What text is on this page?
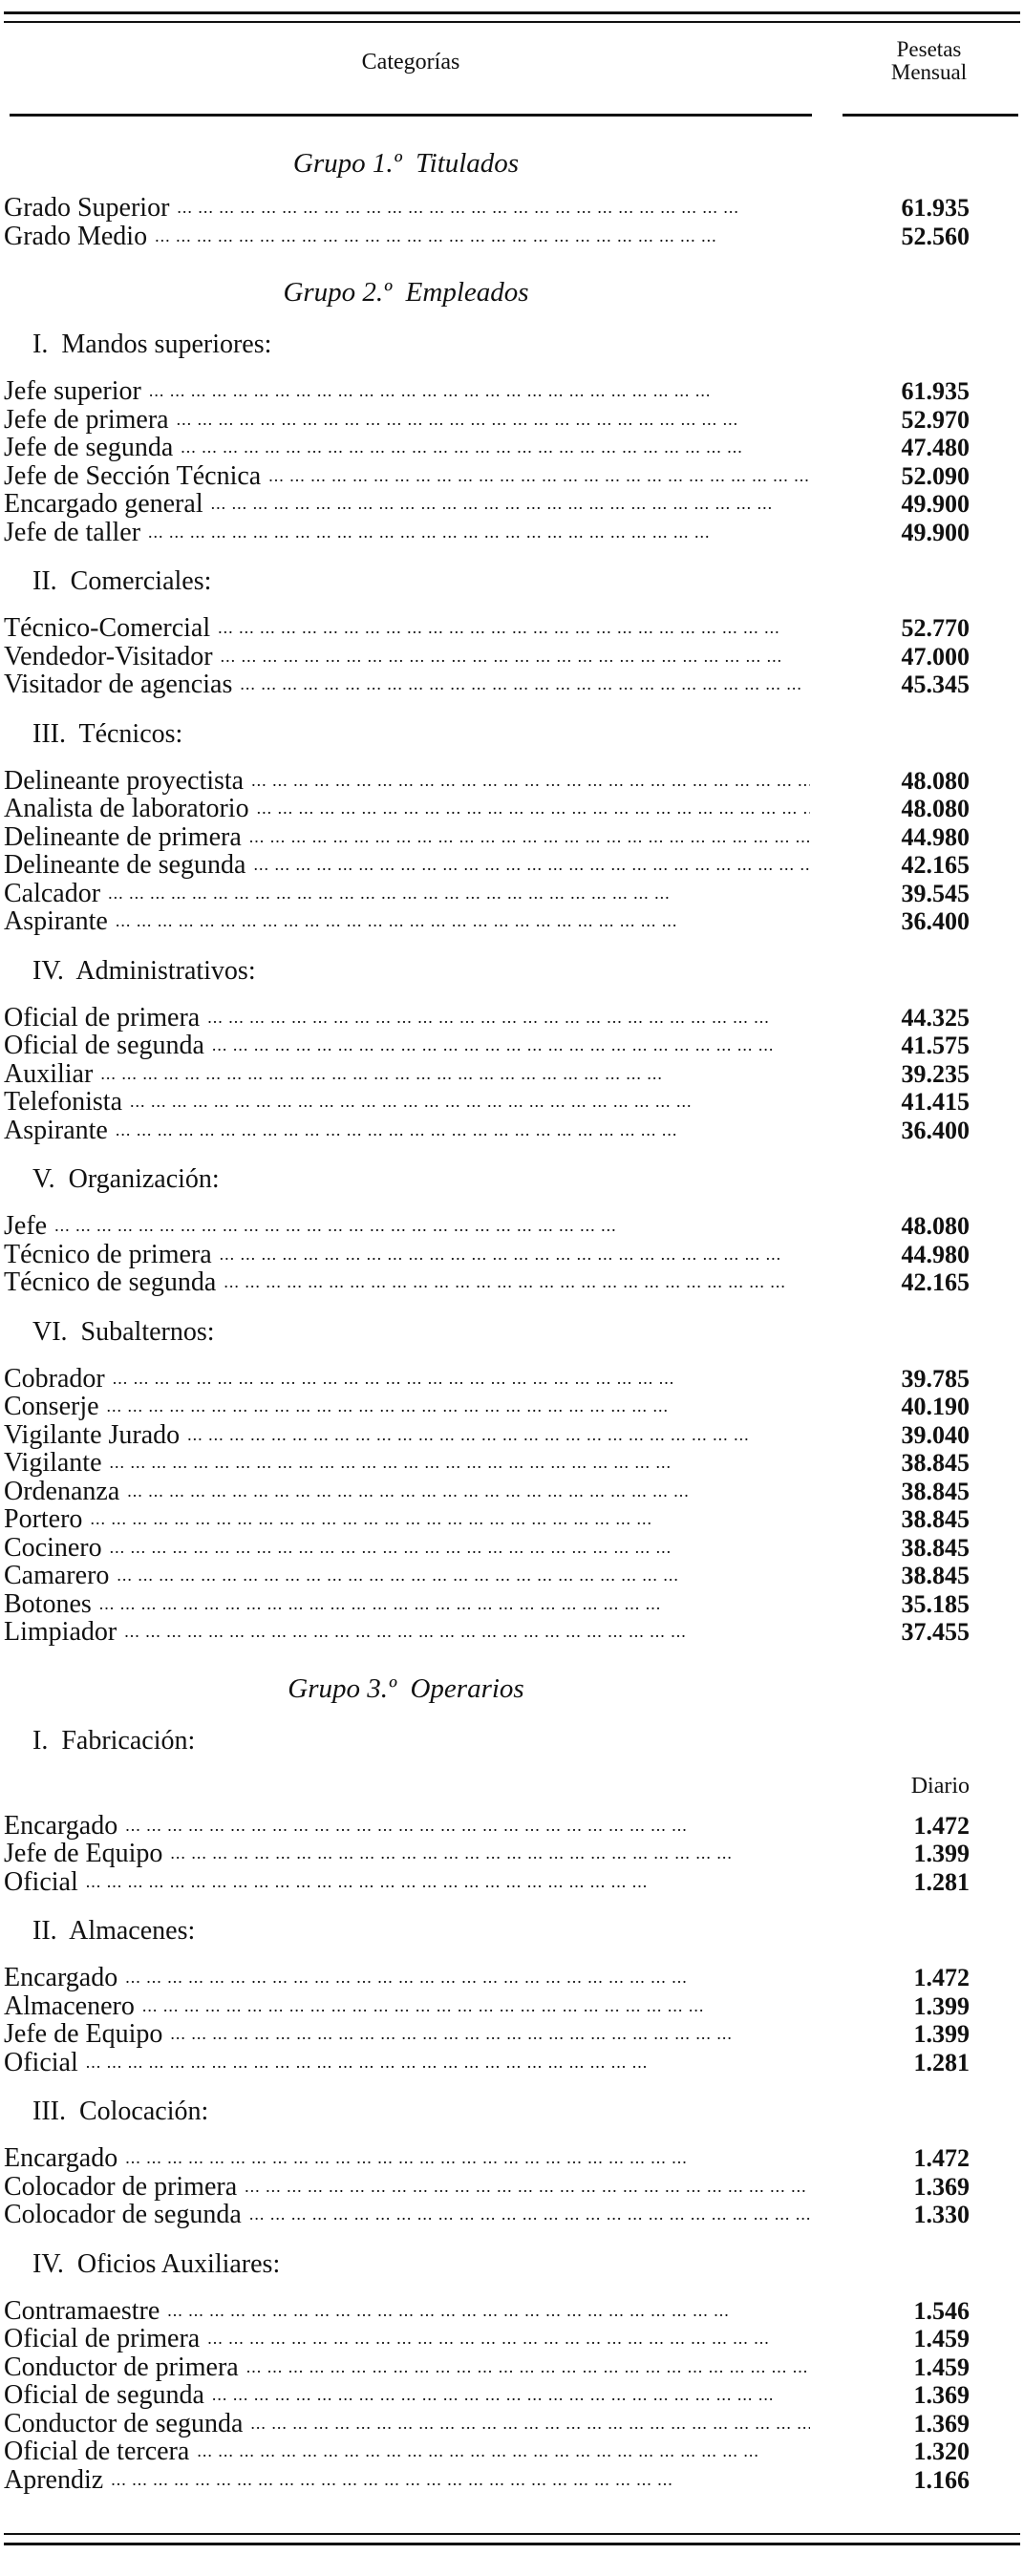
Categorías
Pesetas
Mensual
Grupo 1.º  Titulados
Grado Superior ... .	61.935
Grado Medio ... .	52.560
Grupo 2.º  Empleados
I.  Mandos superiores:
Jefe superior ... .	61.935
Jefe de primera ... .	52.970
Jefe de segunda ... .	47.480
Jefe de Sección Técnica ... .	52.090
Encargado general ... .	49.900
Jefe de taller ... .	49.900
II.  Comerciales:
Técnico-Comercial ... .	52.770
Vendedor-Visitador ... .	47.000
Visitador de agencias ... .	45.345
III.  Técnicos:
Delineante proyectista ... .	48.080
Analista de laboratorio ... .	48.080
Delineante de primera ... .	44.980
Delineante de segunda ... .	42.165
Calcador ... .	39.545
Aspirante ... .	36.400
IV.  Administrativos:
Oficial de primera ... .	44.325
Oficial de segunda ... .	41.575
Auxiliar ... .	39.235
Telefonista ... .	41.415
Aspirante ... .	36.400
V.  Organización:
Jefe ... .	48.080
Técnico de primera ... .	44.980
Técnico de segunda ... .	42.165
VI.  Subalternos:
Cobrador ... .	39.785
Conserje ... .	40.190
Vigilante Jurado ... .	39.040
Vigilante ... .	38.845
Ordenanza ... .	38.845
Portero ... .	38.845
Cocinero ... .	38.845
Camarero ... .	38.845
Botones ... .	35.185
Limpiador ... .	37.455
Grupo 3.º  Operarios
I.  Fabricación:
Diario
Encargado ... .	1.472
Jefe de Equipo ... .	1.399
Oficial ... .	1.281
II.  Almacenes:
Encargado ... .	1.472
Almacenero ... .	1.399
Jefe de Equipo ... .	1.399
Oficial ... .	1.281
III.  Colocación:
Encargado ... .	1.472
Colocador de primera ... .	1.369
Colocador de segunda ... .	1.330
IV.  Oficios Auxiliares:
Contramaestre ... .	1.546
Oficial de primera ... .	1.459
Conductor de primera ... .	1.459
Oficial de segunda ... .	1.369
Conductor de segunda ... .	1.369
Oficial de tercera ... .	1.320
Aprendiz ... .	1.166
